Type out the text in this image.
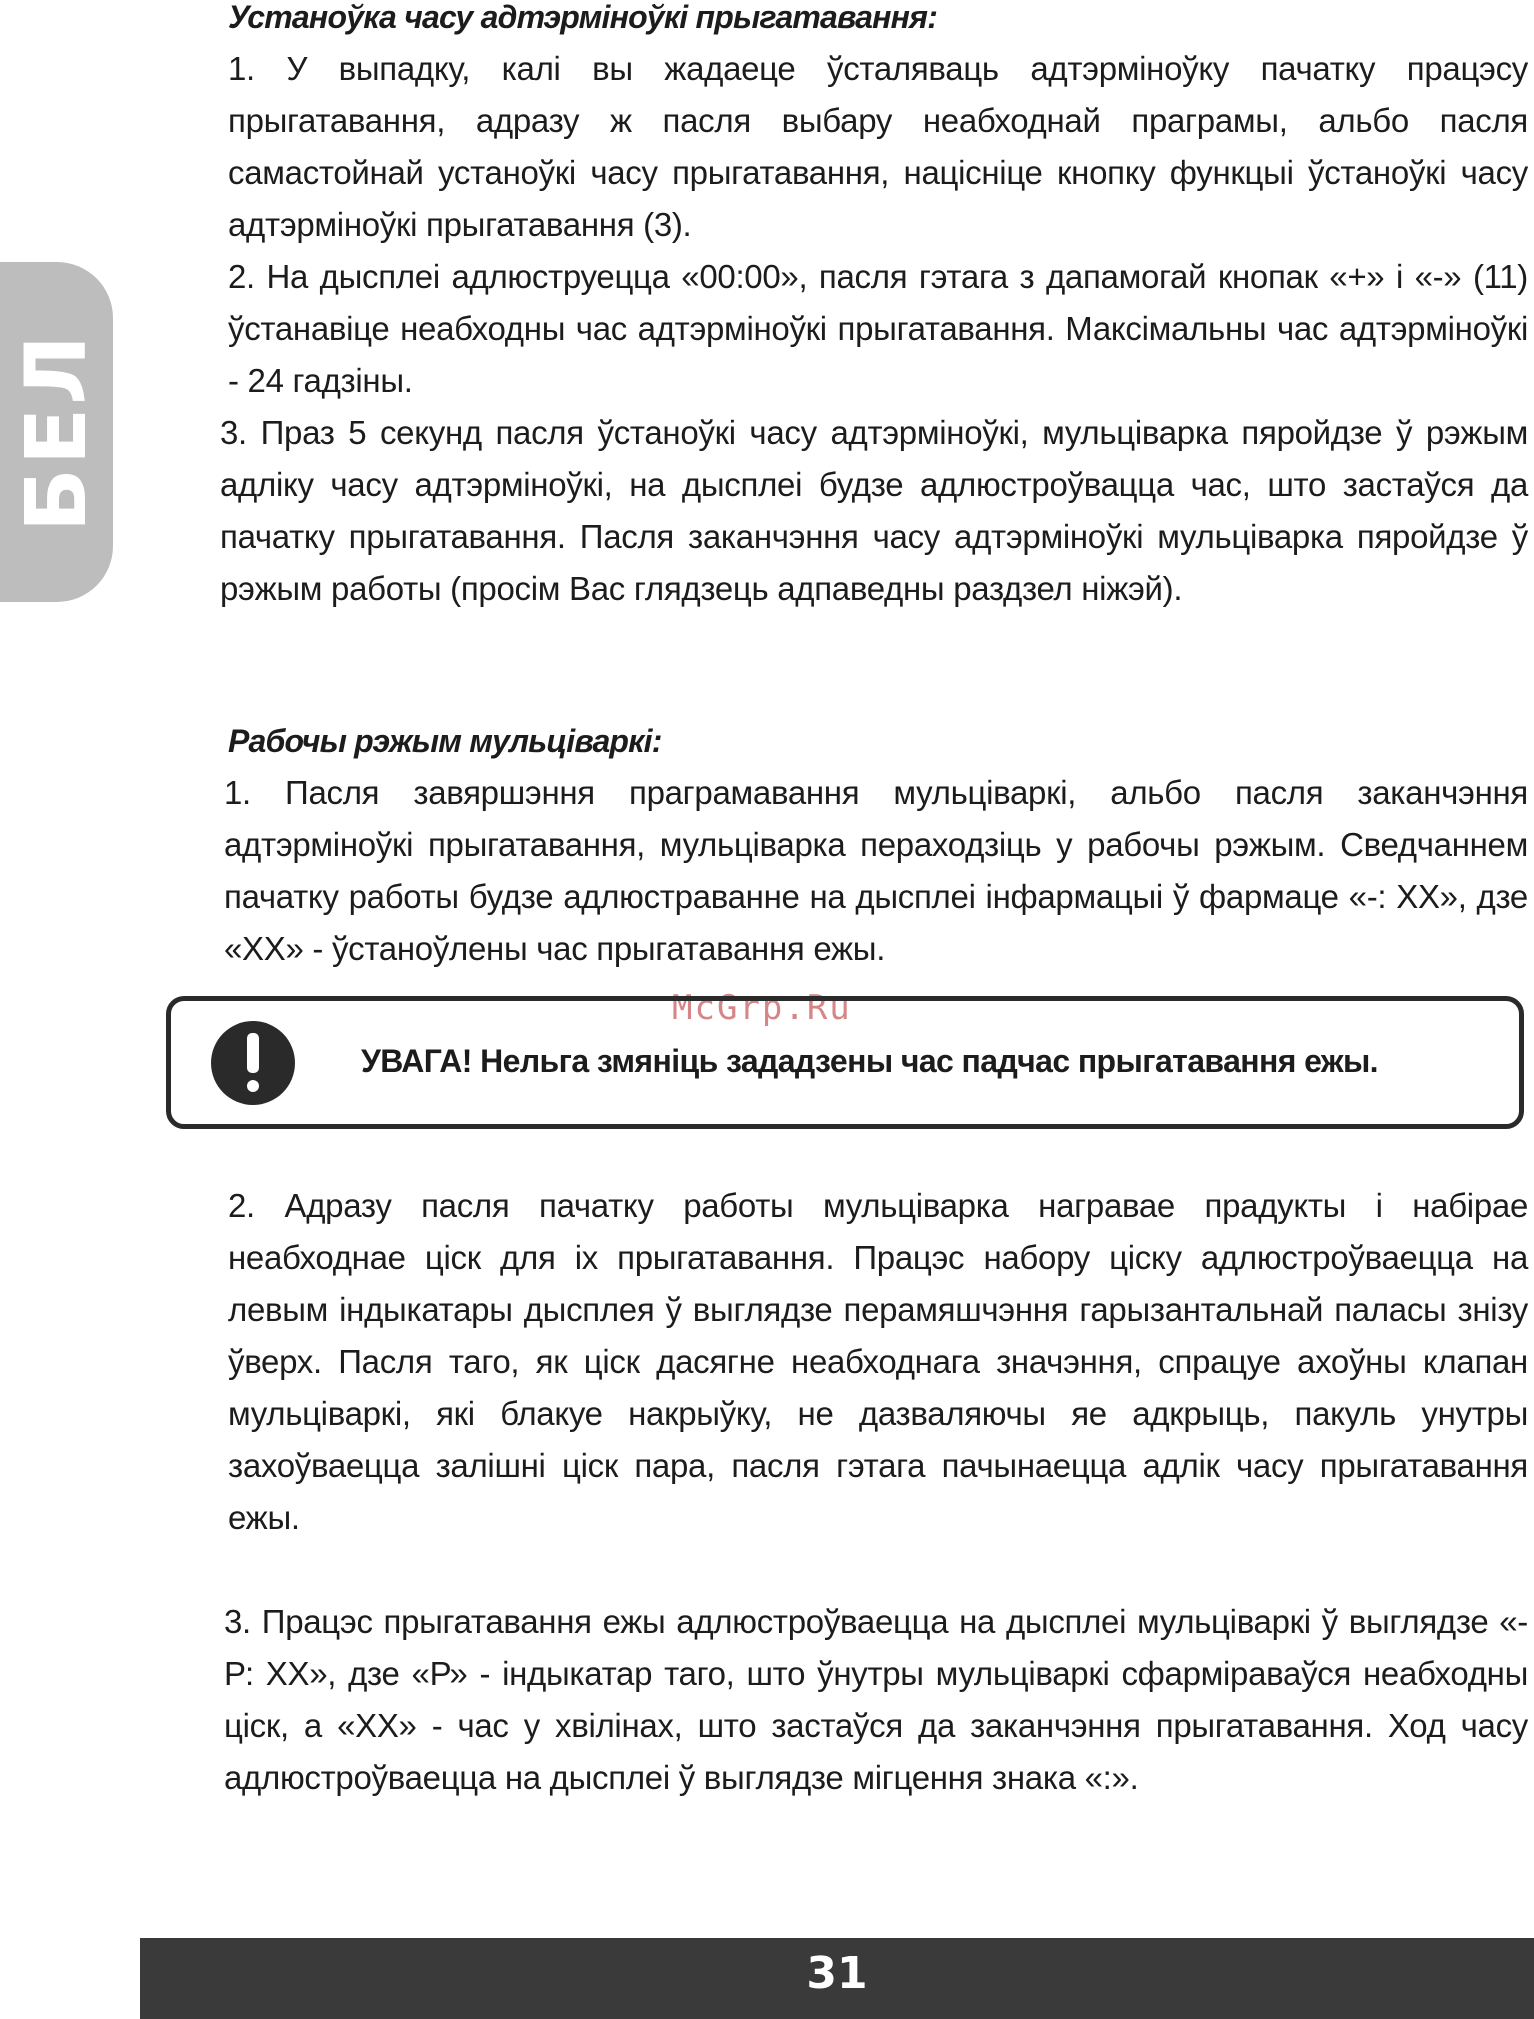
БЕЛ
Устаноўка часу адтэрміноўкі прыгатавання:
1. У выпадку, калі вы жадаеце ўсталяваць адтэрміноўку пачатку працэсу прыгатавання, адразу ж пасля выбару неабходнай праграмы, альбо пасля самастойнай устаноўкі часу прыгатавання, націсніце кнопку функцыі ўстаноўкі часу адтэрміноўкі прыгатавання (3).
2. На дысплеі адлюструецца «00:00», пасля гэтага з дапамогай кнопак «+» і «-» (11) ўстанавіце неабходны час адтэрміноўкі прыгатавання. Максімальны час адтэрміноўкі - 24 гадзіны.
3. Праз 5 секунд пасля ўстаноўкі часу адтэрміноўкі, мульціварка пяройдзе ў рэжым адліку часу адтэрміноўкі, на дысплеі будзе адлюстроўвацца час, што застаўся да пачатку прыгатавання. Пасля заканчэння часу адтэрміноўкі мульціварка пяройдзе ў рэжым работы (просім Вас глядзець адпаведны раздзел ніжэй).
Рабочы рэжым мульціваркі:
1. Пасля завяршэння праграмавання мульціваркі, альбо пасля заканчэння адтэрміноўкі прыгатавання, мульціварка пераходзіць у рабочы рэжым. Сведчаннем пачатку работы будзе адлюстраванне на дысплеі інфармацыі ў фармаце «-: XX», дзе «XX» - ўстаноўлены час прыгатавання ежы.
McGrp.Ru
УВАГА! Нельга змяніць зададзены час падчас прыгатавання ежы.
2. Адразу пасля пачатку работы мульціварка награвае прадукты і набірае неабходнае ціск для іх прыгатавання. Працэс набору ціску адлюстроўваецца на левым індыкатары дысплея ў выглядзе перамяшчэння гарызантальнай паласы знізу ўверх. Пасля таго, як ціск дасягне неабходнага значэння, спрацуе ахоўны клапан мульціваркі, які блакуе накрыўку, не дазваляючы яе адкрыць, пакуль унутры захоўваецца залішні ціск пара, пасля гэтага пачынаецца адлік часу прыгатавання ежы.
3. Працэс прыгатавання ежы адлюстроўваецца на дысплеі мульціваркі ў выглядзе «-Р: XX», дзе «Р» - індыкатар таго, што ўнутры мульціваркі сфарміраваўся неабходны ціск, а «XX» - час у хвілінах, што застаўся да заканчэння прыгатавання. Ход часу адлюстроўваецца на дысплеі ў выглядзе мігцення знака «:».
31
